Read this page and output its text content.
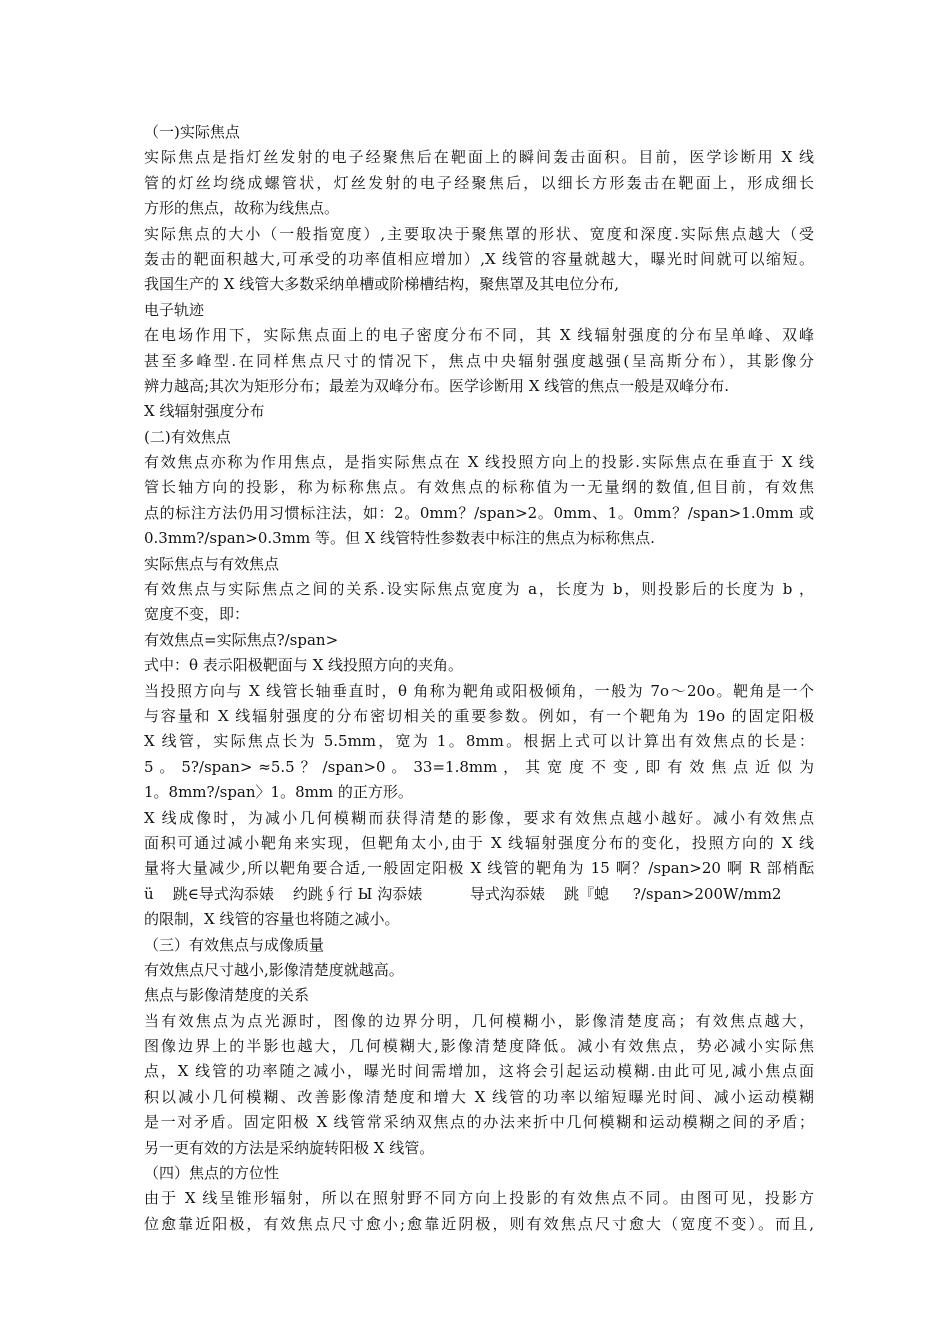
（一)实际焦点
实际焦点是指灯丝发射的电子经聚焦后在靶面上的瞬间轰击面积。目前，医学诊断用 X 线
管的灯丝均绕成螺管状，灯丝发射的电子经聚焦后，以细长方形轰击在靶面上，形成细长
方形的焦点，故称为线焦点。
实际焦点的大小（一般指宽度）,主要取决于聚焦罩的形状、宽度和深度.实际焦点越大（受
轰击的靶面积越大,可承受的功率值相应增加）,X 线管的容量就越大，曝光时间就可以缩短。
我国生产的 X 线管大多数采纳单槽或阶梯槽结构，聚焦罩及其电位分布,
电子轨迹
在电场作用下，实际焦点面上的电子密度分布不同，其 X 线辐射强度的分布呈单峰、双峰
甚至多峰型.在同样焦点尺寸的情况下，焦点中央辐射强度越强(呈高斯分布），其影像分
辨力越高;其次为矩形分布；最差为双峰分布。医学诊断用 X 线管的焦点一般是双峰分布.
X 线辐射强度分布
(二)有效焦点
有效焦点亦称为作用焦点，是指实际焦点在 X 线投照方向上的投影.实际焦点在垂直于 X 线
管长轴方向的投影，称为标称焦点。有效焦点的标称值为一无量纲的数值,但目前，有效焦
点的标注方法仍用习惯标注法，如：2。0mm？/span>2。0mm、1。0mm？/span>1.0mm 或
0.3mm?/span>0.3mm 等。但 X 线管特性参数表中标注的焦点为标称焦点.
实际焦点与有效焦点
有效焦点与实际焦点之间的关系.设实际焦点宽度为 a，长度为 b，则投影后的长度为 b ，
宽度不变，即：
有效焦点=实际焦点?/span>
式中：θ 表示阳极靶面与 X 线投照方向的夹角。
当投照方向与 X 线管长轴垂直时，θ 角称为靶角或阳极倾角，一般为 7o～20o。靶角是一个
与容量和 X 线辐射强度的分布密切相关的重要参数。例如，有一个靶角为 19o 的固定阳极
X 线管，实际焦点长为 5.5mm，宽为 1。8mm。根据上式可以计算出有效焦点的长是：
5 。 5?/span> ≈5.5 ？ /span>0 。 33=1.8mm ， 其 宽 度 不 变 , 即 有 效 焦 点 近 似 为
1。8mm?/span〉1。8mm 的正方形。
X 线成像时，为减小几何模糊而获得清楚的影像，要求有效焦点越小越好。减小有效焦点
面积可通过减小靶角来实现，但靶角太小,由于 X 线辐射强度分布的变化，投照方向的 X 线
量将大量减少,所以靶角要合适,一般固定阳极 X 线管的靶角为 15 啊？/span>20 啊 R 部梢酝
ü    跳∈导式沟忝婊    约跳∮行 Ы 沟忝婊          导式沟忝婊    跳『螅     ?/span>200W/mm2
的限制，X 线管的容量也将随之减小。
（三）有效焦点与成像质量
有效焦点尺寸越小,影像清楚度就越高。
焦点与影像清楚度的关系
当有效焦点为点光源时，图像的边界分明，几何模糊小，影像清楚度高；有效焦点越大，
图像边界上的半影也越大，几何模糊大,影像清楚度降低。减小有效焦点，势必减小实际焦
点，X 线管的功率随之减小，曝光时间需增加，这将会引起运动模糊.由此可见,减小焦点面
积以减小几何模糊、改善影像清楚度和增大 X 线管的功率以缩短曝光时间、减小运动模糊
是一对矛盾。固定阳极 X 线管常采纳双焦点的办法来折中几何模糊和运动模糊之间的矛盾；
另一更有效的方法是采纳旋转阳极 X 线管。
（四）焦点的方位性
由于 X 线呈锥形辐射，所以在照射野不同方向上投影的有效焦点不同。由图可见，投影方
位愈靠近阳极，有效焦点尺寸愈小;愈靠近阴极，则有效焦点尺寸愈大（宽度不变）。而且,
